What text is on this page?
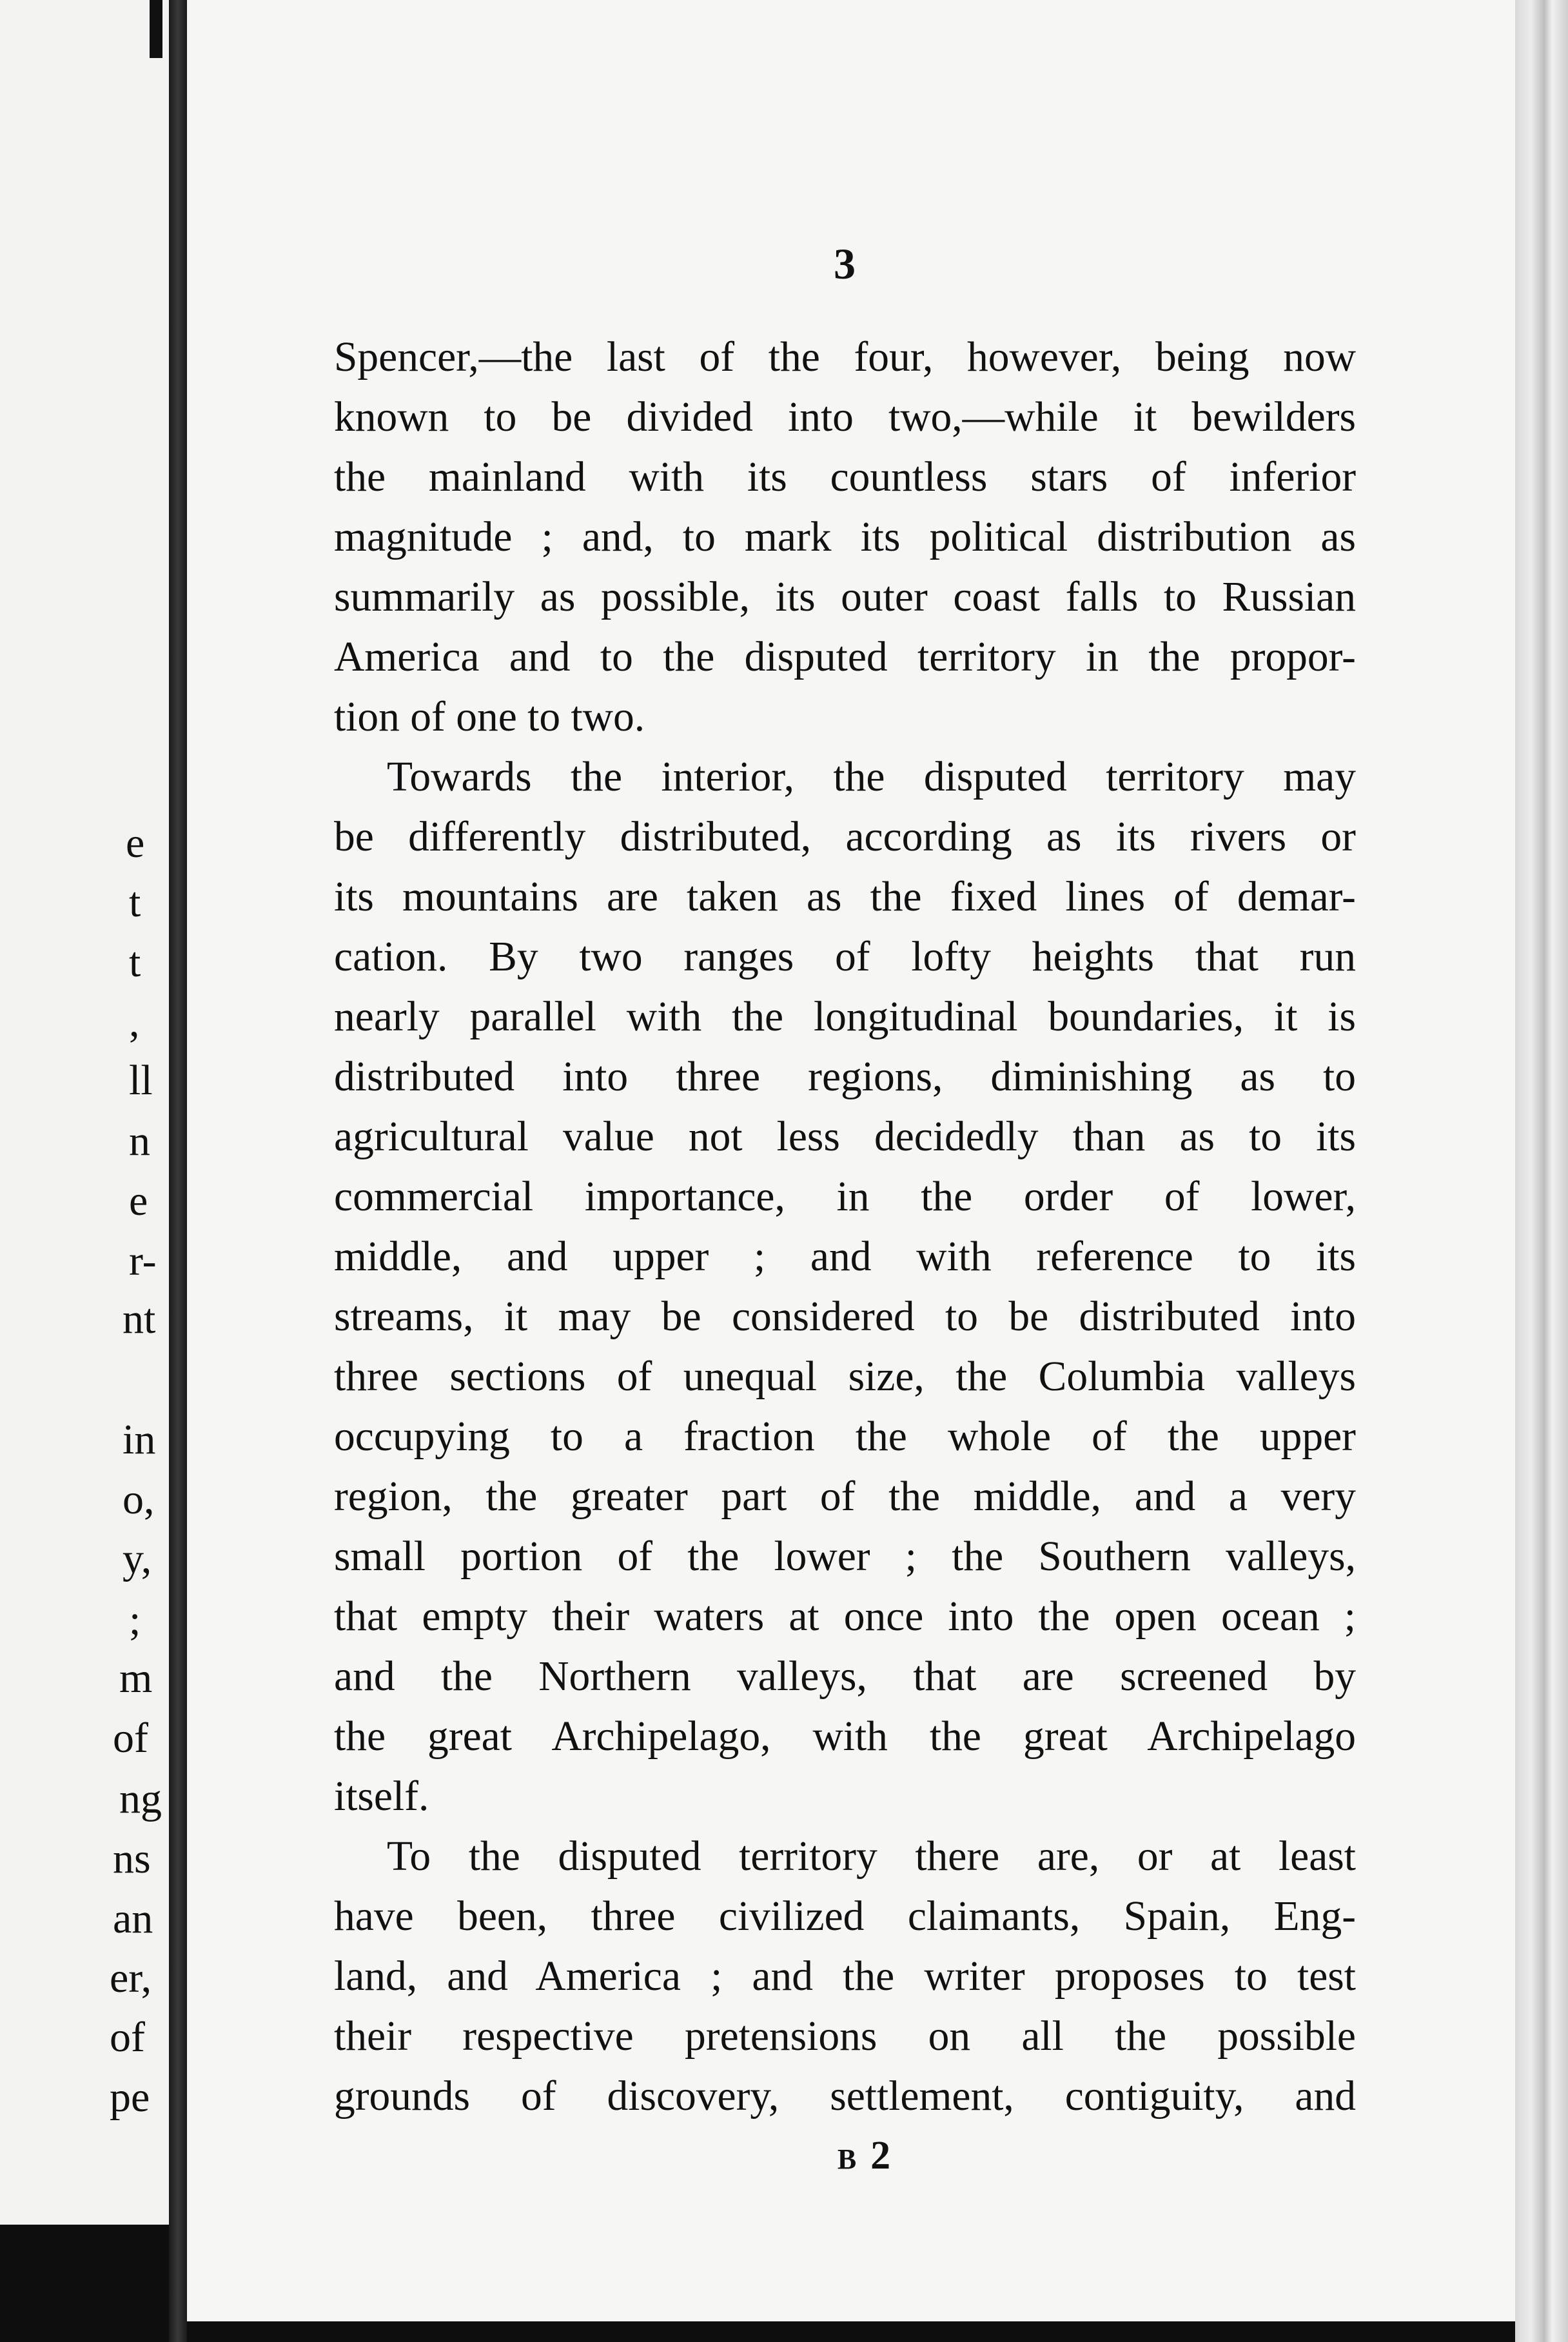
e
t
t
,
ll
n
e
r-
nt
in
o,
y,
;
m
of
ng
ns
an
er,
of
pe
3
Spencer,—the last of the four, however, being now
known to be divided into two,—while it bewilders
the mainland with its countless stars of inferior
magnitude ; and, to mark its political distribution as
summarily as possible, its outer coast falls to Russian
America and to the disputed territory in the propor-
tion of one to two.
Towards the interior, the disputed territory may
be differently distributed, according as its rivers or
its mountains are taken as the fixed lines of demar-
cation. By two ranges of lofty heights that run
nearly parallel with the longitudinal boundaries, it is
distributed into three regions, diminishing as to
agricultural value not less decidedly than as to its
commercial importance, in the order of lower,
middle, and upper ; and with reference to its
streams, it may be considered to be distributed into
three sections of unequal size, the Columbia valleys
occupying to a fraction the whole of the upper
region, the greater part of the middle, and a very
small portion of the lower ; the Southern valleys,
that empty their waters at once into the open ocean ;
and the Northern valleys, that are screened by
the great Archipelago, with the great Archipelago
itself.
To the disputed territory there are, or at least
have been, three civilized claimants, Spain, Eng-
land, and America ; and the writer proposes to test
their respective pretensions on all the possible
grounds of discovery, settlement, contiguity, and
B 2
